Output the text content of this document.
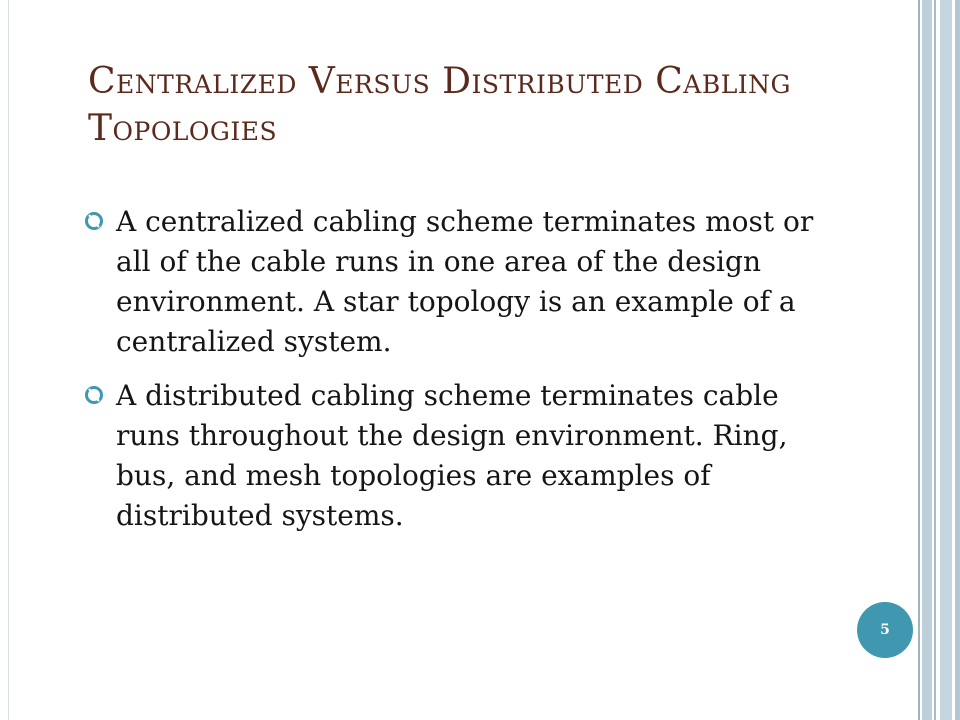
Centralized Versus Distributed Cabling Topologies
A centralized cabling scheme terminates most or all of the cable runs in one area of the design environment. A star topology is an example of a centralized system.
A distributed cabling scheme terminates cable runs throughout the design environment. Ring, bus, and mesh topologies are examples of distributed systems.
5
